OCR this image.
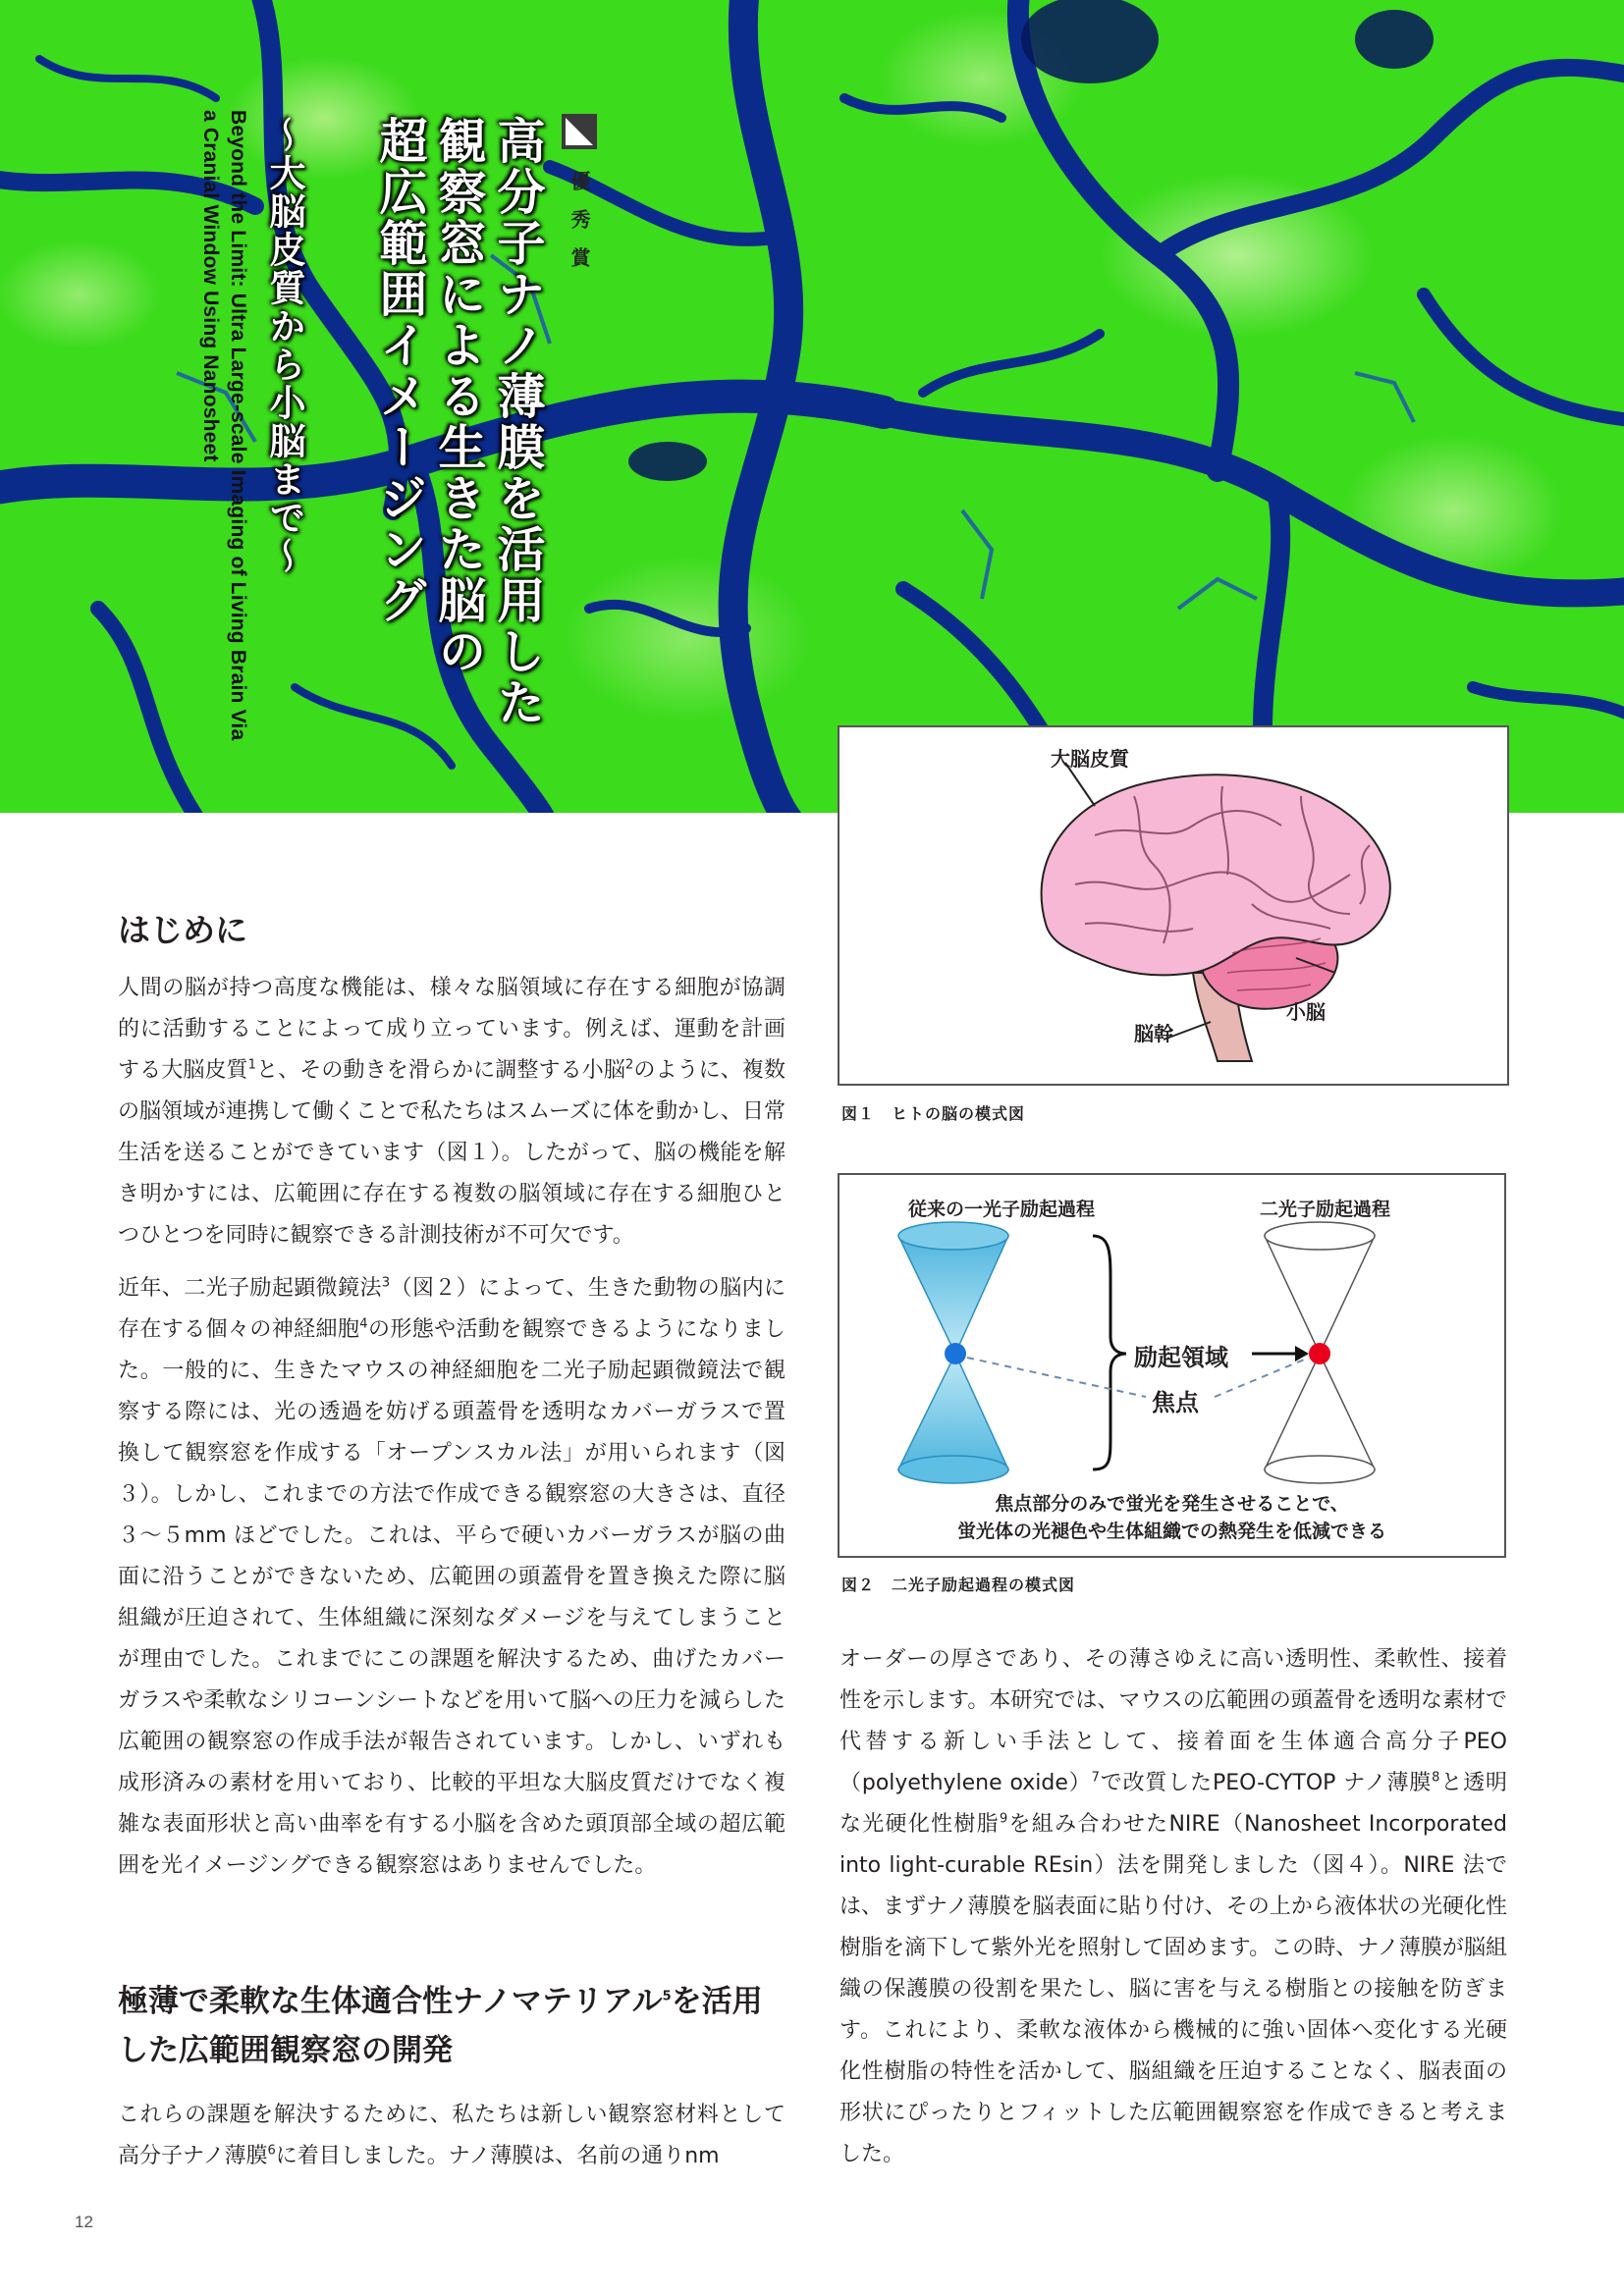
優 秀 賞
高分子ナノ薄膜を活用した
観察窓による生きた脳の
超広範囲イメージング
〜大脳皮質から小脳まで〜
Beyond the Limit: Ultra Large-scale Imaging of Living Brain Via
a Cranial Window Using Nanosheet
大脳皮質
小脳
脳幹
図１　ヒトの脳の模式図
従来の一光子励起過程	二光子励起過程
励起領域
焦点
焦点部分のみで蛍光を発生させることで、
蛍光体の光褪色や生体組織での熱発生を低減できる
図２　二光子励起過程の模式図
はじめに

人間の脳が持つ高度な機能は、様々な脳領域に存在する細胞が協調的に活動することによって成り立っています。例えば、運動を計画する大脳皮質$^1$と、その動きを滑らかに調整する小脳$^2$のように、複数の脳領域が連携して働くことで私たちはスムーズに体を動かし、日常生活を送ることができています（図１）。したがって、脳の機能を解き明かすには、広範囲に存在する複数の脳領域に存在する細胞ひとつひとつを同時に観察できる計測技術が不可欠です。

近年、二光子励起顕微鏡法$^3$（図２）によって、生きた動物の脳内に存在する個々の神経細胞$^4$の形態や活動を観察できるようになりました。一般的に、生きたマウスの神経細胞を二光子励起顕微鏡法で観察する際には、光の透過を妨げる頭蓋骨を透明なカバーガラスで置換して観察窓を作成する「オープンスカル法」が用いられます（図３）。しかし、これまでの方法で作成できる観察窓の大きさは、直径３〜５mm ほどでした。これは、平らで硬いカバーガラスが脳の曲面に沿うことができないため、広範囲の頭蓋骨を置き換えた際に脳組織が圧迫されて、生体組織に深刻なダメージを与えてしまうことが理由でした。これまでにこの課題を解決するため、曲げたカバーガラスや柔軟なシリコーンシートなどを用いて脳への圧力を減らした広範囲の観察窓の作成手法が報告されています。しかし、いずれも成形済みの素材を用いており、比較的平坦な大脳皮質だけでなく複雑な表面形状と高い曲率を有する小脳を含めた頭頂部全域の超広範囲を光イメージングできる観察窓はありませんでした。

極薄で柔軟な生体適合性ナノマテリアル$^5$を活用した広範囲観察窓の開発

これらの課題を解決するために、私たちは新しい観察窓材料として高分子ナノ薄膜$^6$に着目しました。ナノ薄膜は、名前の通りnm

オーダーの厚さであり、その薄さゆえに高い透明性、柔軟性、接着性を示します。本研究では、マウスの広範囲の頭蓋骨を透明な素材で代替する新しい手法として、接着面を生体適合高分子PEO（polyethylene oxide）$^7$で改質したPEO-CYTOP ナノ薄膜$^8$と透明な光硬化性樹脂$^9$を組み合わせたNIRE（Nanosheet Incorporated into light-curable REsin）法を開発しました（図４）。NIRE 法では、まずナノ薄膜を脳表面に貼り付け、その上から液体状の光硬化性樹脂を滴下して紫外光を照射して固めます。この時、ナノ薄膜が脳組織の保護膜の役割を果たし、脳に害を与える樹脂との接触を防ぎます。これにより、柔軟な液体から機械的に強い固体へ変化する光硬化性樹脂の特性を活かして、脳組織を圧迫することなく、脳表面の形状にぴったりとフィットした広範囲観察窓を作成できると考えました。

12
